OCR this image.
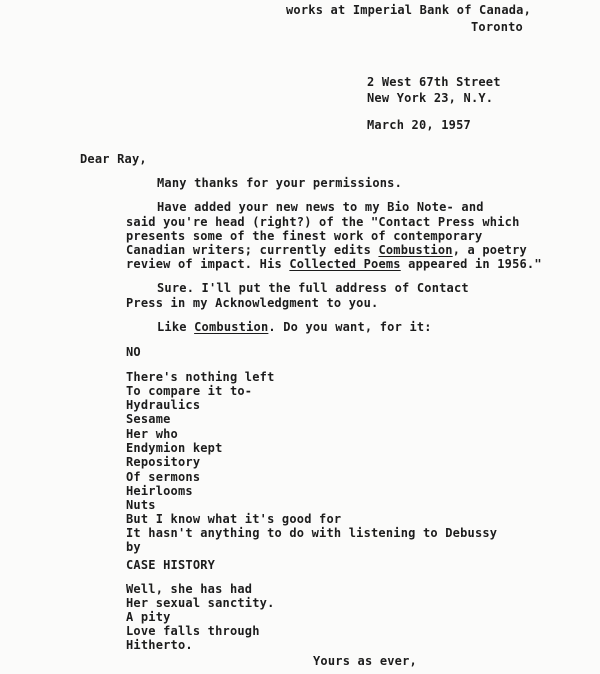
works at Imperial Bank of Canada,
Toronto
2 West 67th Street
New York 23, N.Y.
March 20, 1957
Dear Ray,
Many thanks for your permissions.
Have added your new news to my Bio Note- and
said you're head (right?) of the "Contact Press which
presents some of the finest work of contemporary
Canadian writers; currently edits Combustion, a poetry
review of impact. His Collected Poems appeared in 1956."
Sure. I'll put the full address of Contact
Press in my Acknowledgment to you.
Like Combustion. Do you want, for it:
NO
There's nothing left
To compare it to-
Hydraulics
Sesame
Her who
Endymion kept
Repository
Of sermons
Heirlooms
Nuts
But I know what it's good for
It hasn't anything to do with listening to Debussy
by
CASE HISTORY
Well, she has had
Her sexual sanctity.
A pity
Love falls through
Hitherto.
Yours as ever,
